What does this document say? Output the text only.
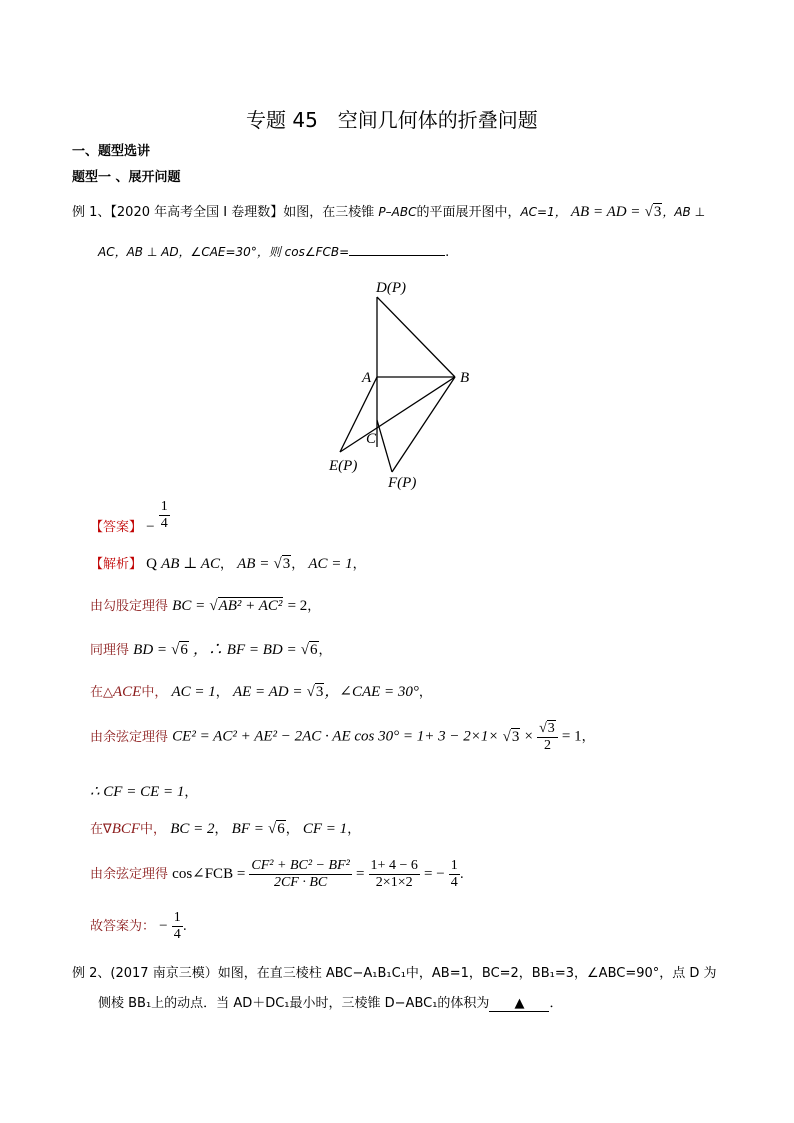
专题 45　空间几何体的折叠问题
一、题型选讲
题型一 、展开问题
例 1、【2020 年高考全国 I 卷理数】如图，在三棱锥 P–ABC的平面展开图中，AC=1， AB = AD = √3，AB ⊥
AC，AB ⊥ AD，∠CAE=30°，则 cos∠FCB=	.
D(P)
A	B
C
E(P)
F(P)
【答案】 − $\frac{1}{4}$
【解析】 Q AB ⊥ AC， AB = √3， AC = 1，
由勾股定理得 BC = √AB² + AC² = 2，
同理得 BD = √6 ，∴ BF = BD = √6，
在△ACE中， AC = 1， AE = AD = √3，∠CAE = 30°，
由余弦定理得 CE² = AC² + AE² − 2AC · AE $\cos 30^\circ = 1+ 3 - 2\times 1\times √3 \times \frac{√3}{2} = 1$，
∴ CF = CE = 1，
在∇BCF中， BC = 2， BF = √6， CF = 1，
由余弦定理得 cos∠FCB = $\frac{\text{CF² + BC² − BF²}}{2CF \cdot BC} = \frac{1+ 4 - 6}{2\times 1\times 2}$ = − $\frac{1}{4}$ .
故答案为： − $\frac{1}{4}$ .
例 2、(2017 南京三模）如图，在直三棱柱 ABC−A₁B₁C₁中，AB=1，BC=2，BB₁=3，∠ABC=90°，点 D 为
侧棱 BB₁上的动点．当 AD＋DC₁最小时，三棱锥 D−ABC₁的体积为 ▲ ．
